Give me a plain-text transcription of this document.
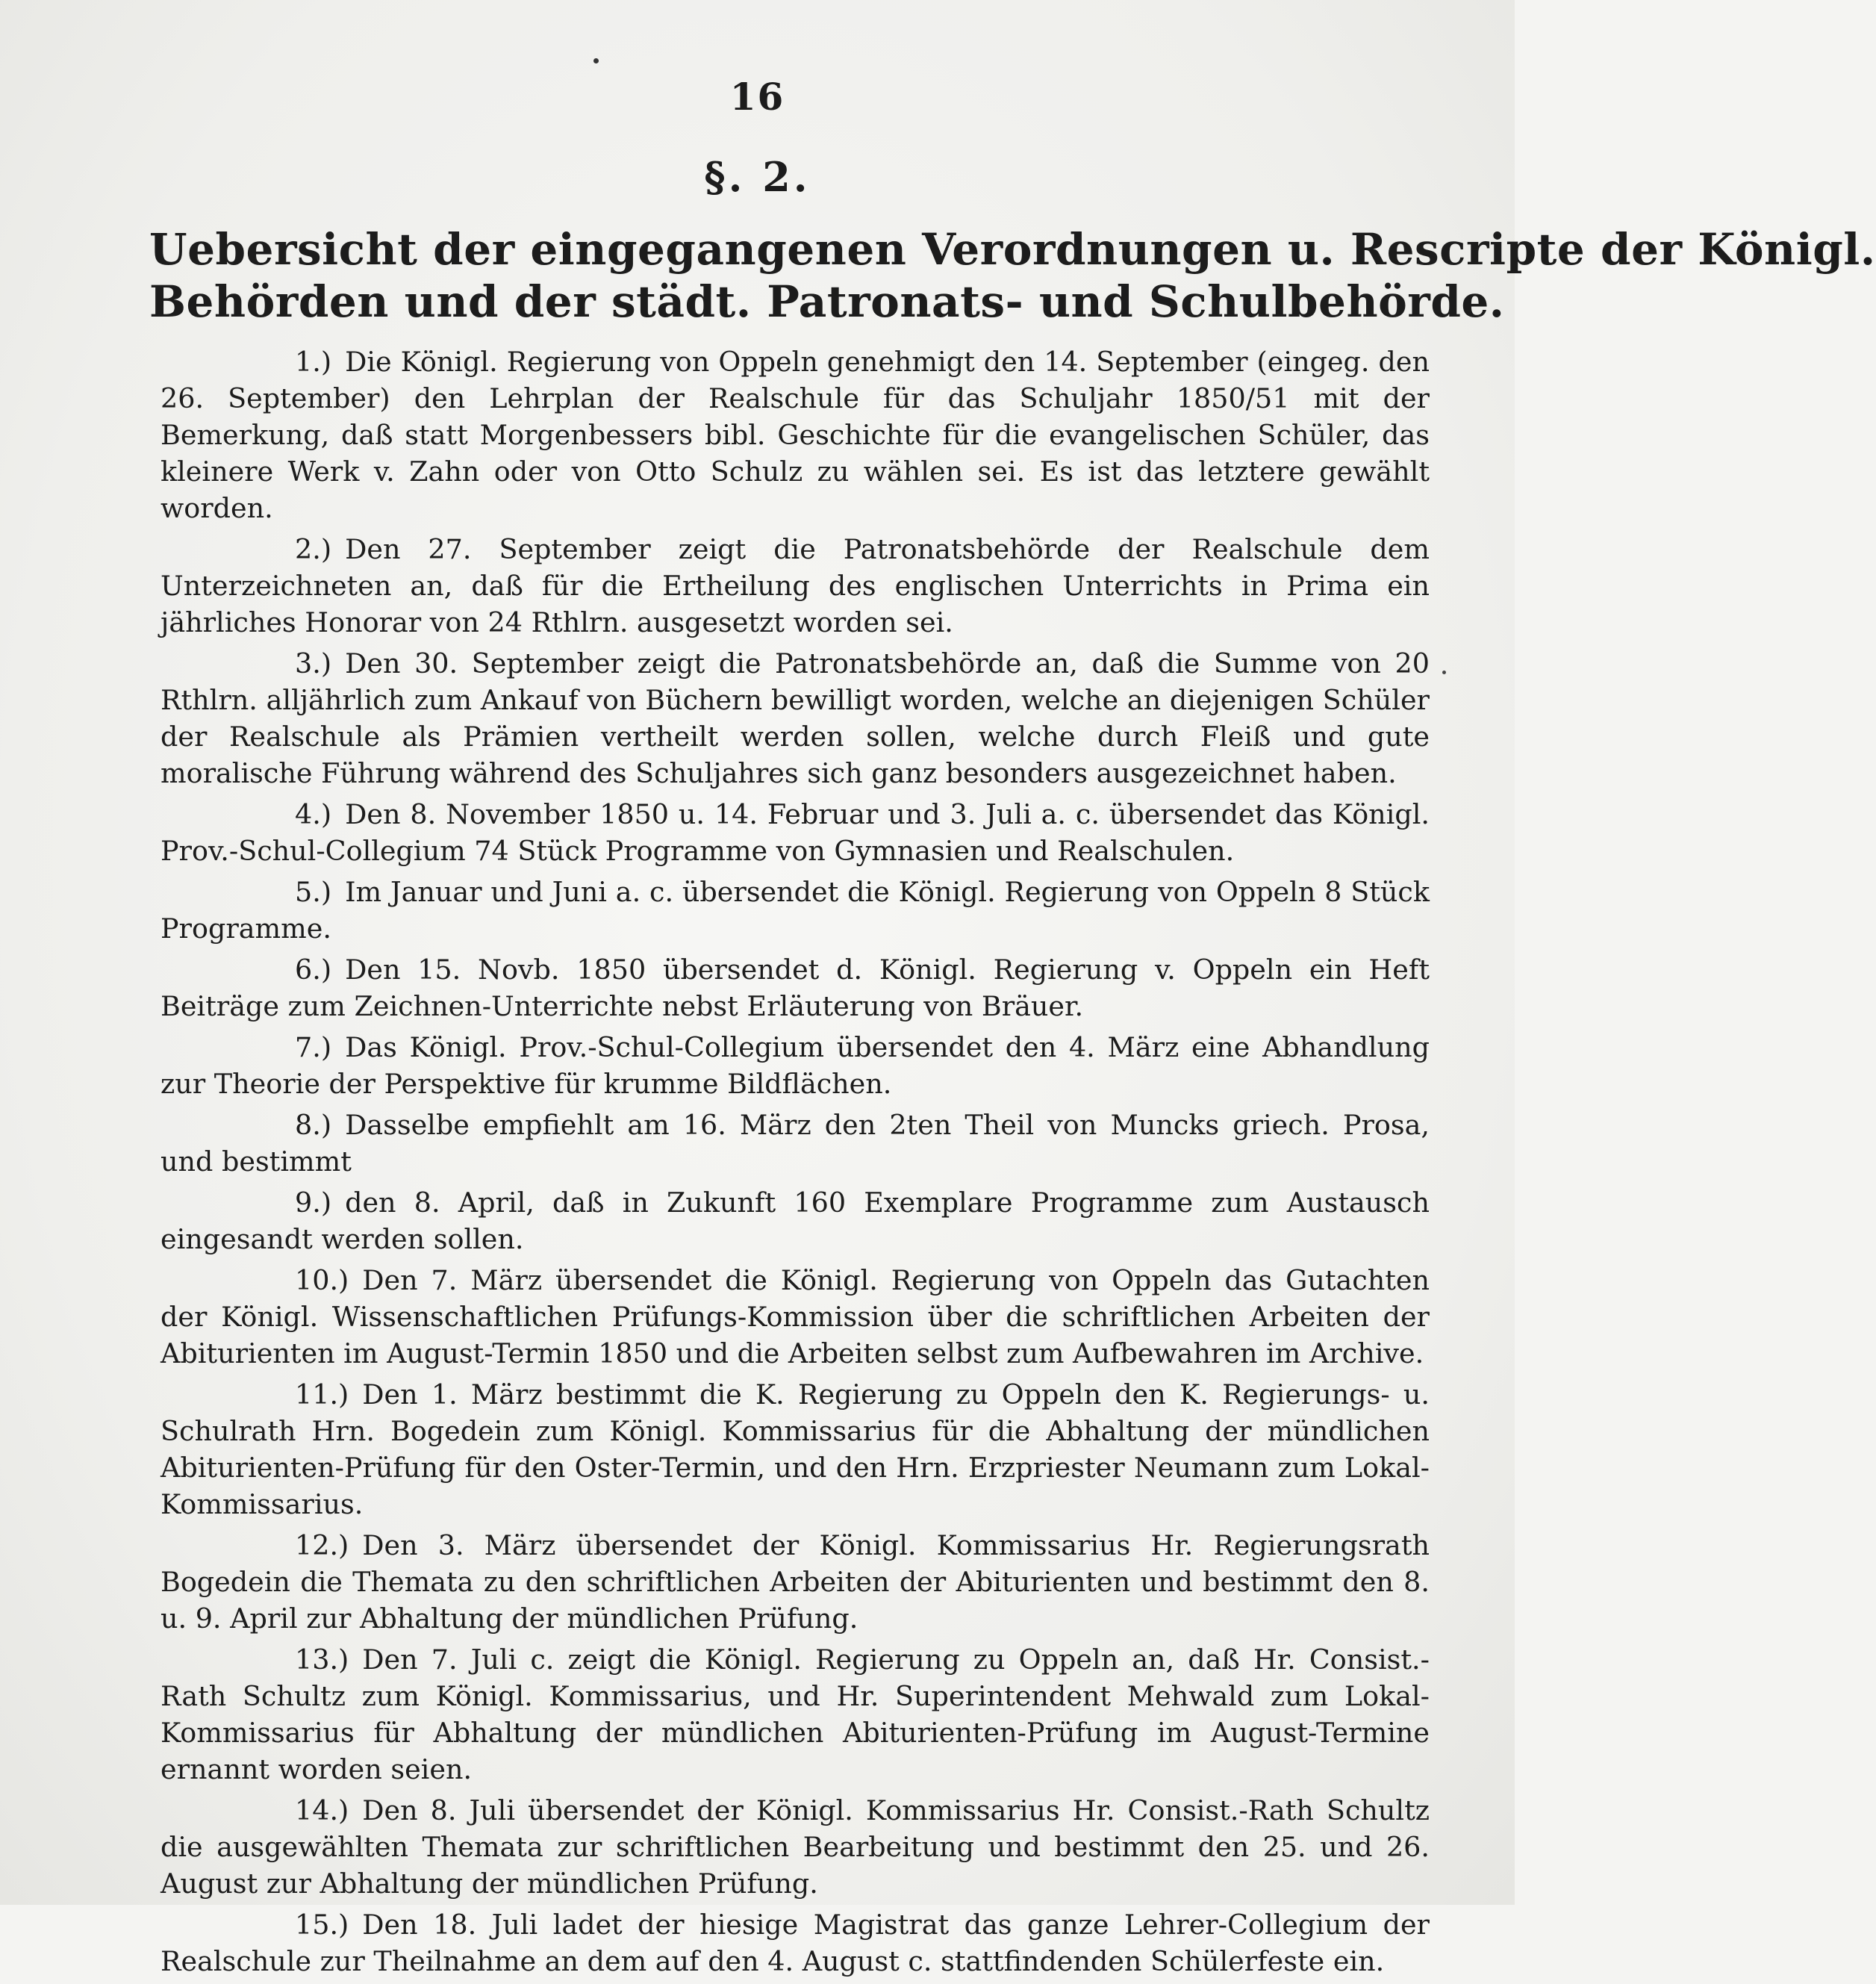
16
§. 2.
Uebersicht der eingegangenen Verordnungen u. Rescripte der Königl.
Behörden und der städt. Patronats- und Schulbehörde.

1.) Die Königl. Regierung von Oppeln genehmigt den 14. September (eingeg. den 26. September) den Lehrplan der Realschule für das Schuljahr 1850/51 mit der Bemerkung, daß statt Morgenbessers bibl. Geschichte für die evangelischen Schüler, das kleinere Werk v. Zahn oder von Otto Schulz zu wählen sei. Es ist das letztere gewählt worden.

2.) Den 27. September zeigt die Patronatsbehörde der Realschule dem Unterzeichneten an, daß für die Ertheilung des englischen Unterrichts in Prima ein jährliches Honorar von 24 Rthlrn. ausgesetzt worden sei.

3.) Den 30. September zeigt die Patronatsbehörde an, daß die Summe von 20 Rthlrn. alljährlich zum Ankauf von Büchern bewilligt worden, welche an diejenigen Schüler der Realschule als Prämien vertheilt werden sollen, welche durch Fleiß und gute moralische Führung während des Schuljahres sich ganz besonders ausgezeichnet haben.

4.) Den 8. November 1850 u. 14. Februar und 3. Juli a. c. übersendet das Königl. Prov.-Schul-Collegium 74 Stück Programme von Gymnasien und Realschulen.

5.) Im Januar und Juni a. c. übersendet die Königl. Regierung von Oppeln 8 Stück Programme.

6.) Den 15. Novb. 1850 übersendet d. Königl. Regierung v. Oppeln ein Heft Beiträge zum Zeichnen-Unterrichte nebst Erläuterung von Bräuer.

7.) Das Königl. Prov.-Schul-Collegium übersendet den 4. März eine Abhandlung zur Theorie der Perspektive für krumme Bildflächen.

8.) Dasselbe empfiehlt am 16. März den 2ten Theil von Muncks griech. Prosa, und bestimmt

9.) den 8. April, daß in Zukunft 160 Exemplare Programme zum Austausch eingesandt werden sollen.

10.) Den 7. März übersendet die Königl. Regierung von Oppeln das Gutachten der Königl. Wissenschaftlichen Prüfungs-Kommission über die schriftlichen Arbeiten der Abiturienten im August-Termin 1850 und die Arbeiten selbst zum Aufbewahren im Archive.

11.) Den 1. März bestimmt die K. Regierung zu Oppeln den K. Regierungs- u. Schulrath Hrn. Bogedein zum Königl. Kommissarius für die Abhaltung der mündlichen Abiturienten-Prüfung für den Oster-Termin, und den Hrn. Erzpriester Neumann zum Lokal-Kommissarius.

12.) Den 3. März übersendet der Königl. Kommissarius Hr. Regierungsrath Bogedein die Themata zu den schriftlichen Arbeiten der Abiturienten und bestimmt den 8. u. 9. April zur Abhaltung der mündlichen Prüfung.

13.) Den 7. Juli c. zeigt die Königl. Regierung zu Oppeln an, daß Hr. Consist.-Rath Schultz zum Königl. Kommissarius, und Hr. Superintendent Mehwald zum Lokal-Kommissarius für Abhaltung der mündlichen Abiturienten-Prüfung im August-Termine ernannt worden seien.

14.) Den 8. Juli übersendet der Königl. Kommissarius Hr. Consist.-Rath Schultz die ausgewählten Themata zur schriftlichen Bearbeitung und bestimmt den 25. und 26. August zur Abhaltung der mündlichen Prüfung.

15.) Den 18. Juli ladet der hiesige Magistrat das ganze Lehrer-Collegium der Realschule zur Theilnahme an dem auf den 4. August c. stattfindenden Schülerfeste ein.
